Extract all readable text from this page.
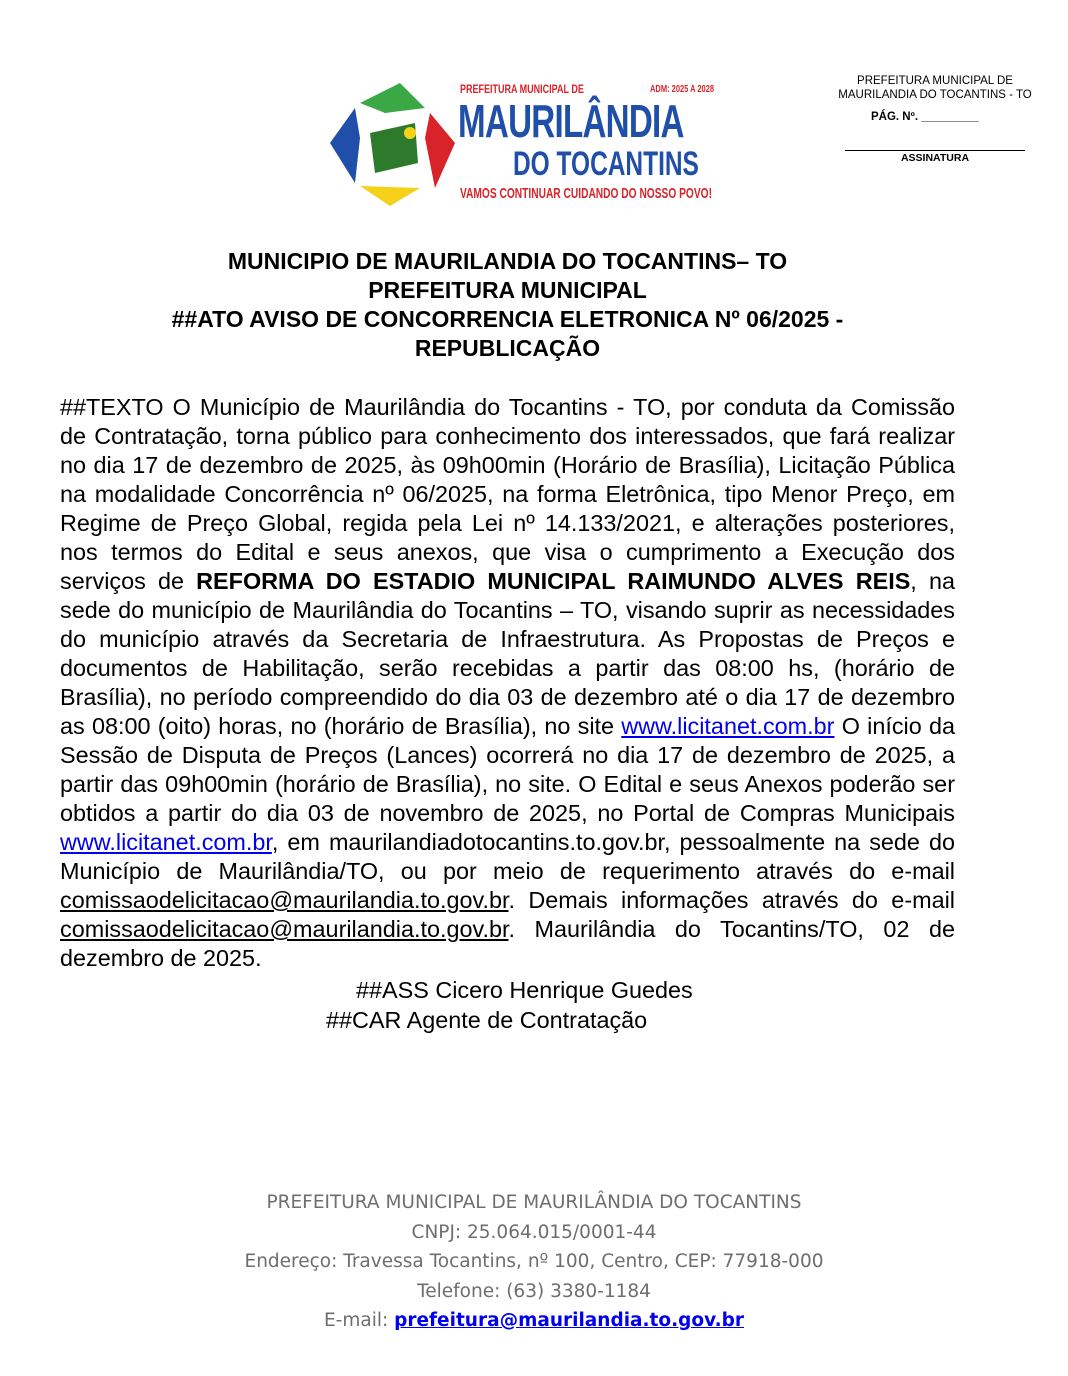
PREFEITURA MUNICIPAL DE	ADM: 2025 A 2028
MAURILÂNDIA
DO TOCANTINS
VAMOS CONTINUAR CUIDANDO DO NOSSO POVO!
PREFEITURA MUNICIPAL DE
MAURILANDIA DO TOCANTINS - TO
PÁG. Nº. _________
ASSINATURA
MUNICIPIO DE MAURILANDIA DO TOCANTINS– TO
PREFEITURA MUNICIPAL
##ATO AVISO DE CONCORRENCIA ELETRONICA Nº 06/2025 -
REPUBLICAÇÃO
##TEXTO O Município de Maurilândia do Tocantins - TO, por conduta da Comissão de Contratação, torna público para conhecimento dos interessados, que fará realizar no dia 17 de dezembro de 2025, às 09h00min (Horário de Brasília), Licitação Pública na modalidade Concorrência nº 06/2025, na forma Eletrônica, tipo Menor Preço, em Regime de Preço Global, regida pela Lei nº 14.133/2021, e alterações posteriores, nos termos do Edital e seus anexos, que visa o cumprimento a Execução dos serviços de REFORMA DO ESTADIO MUNICIPAL RAIMUNDO ALVES REIS, na sede do município de Maurilândia do Tocantins – TO, visando suprir as necessidades do município através da Secretaria de Infraestrutura. As Propostas de Preços e documentos de Habilitação, serão recebidas a partir das 08:00 hs, (horário de Brasília), no período compreendido do dia 03 de dezembro até o dia 17 de dezembro as 08:00 (oito) horas, no (horário de Brasília), no site www.licitanet.com.br O início da Sessão de Disputa de Preços (Lances) ocorrerá no dia 17 de dezembro de 2025, a partir das 09h00min (horário de Brasília), no site. O Edital e seus Anexos poderão ser obtidos a partir do dia 03 de novembro de 2025, no Portal de Compras Municipais www.licitanet.com.br, em maurilandiadotocantins.to.gov.br, pessoalmente na sede do Município de Maurilândia/TO, ou por meio de requerimento através do e-mail comissaodelicitacao@maurilandia.to.gov.br. Demais informações através do e-mail comissaodelicitacao@maurilandia.to.gov.br. Maurilândia do Tocantins/TO, 02 de dezembro de 2025.
##ASS Cicero Henrique Guedes
##CAR Agente de Contratação
PREFEITURA MUNICIPAL DE MAURILÂNDIA DO TOCANTINS
CNPJ: 25.064.015/0001-44
Endereço: Travessa Tocantins, nº 100, Centro, CEP: 77918-000
Telefone: (63) 3380-1184
E-mail: prefeitura@maurilandia.to.gov.br
